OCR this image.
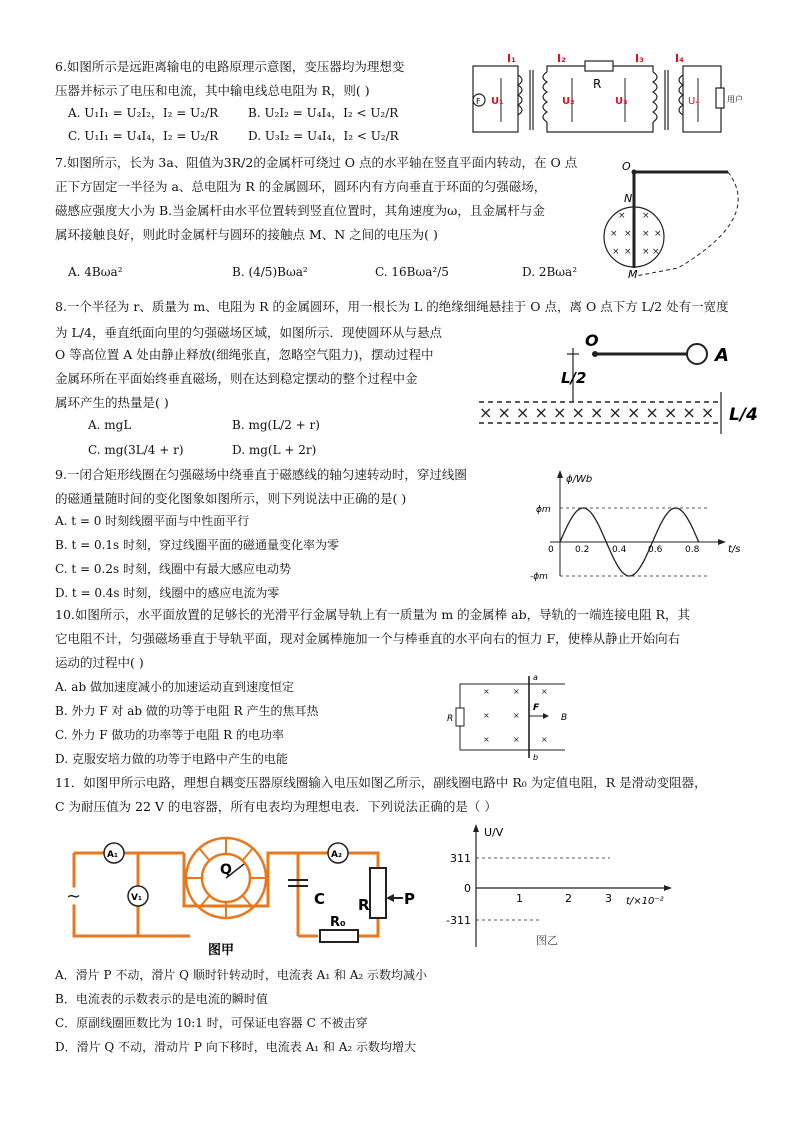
6.如图所示是远距离输电的电路原理示意图，变压器均为理想变
压器并标示了电压和电流，其中输电线总电阻为 R，则( )
A. U₁I₁ = U₂I₂，I₂ = U₂/R B. U₂I₂ = U₄I₄，I₂ < U₂/R
C. U₁I₁ = U₄I₄，I₂ = U₂/R D. U₃I₂ = U₄I₄，I₂ < U₂/R
I₁	I₂	I₃	I₄
U₁	U₂	U₃	U₄
R
F	用户
7.如图所示，长为 3a、阻值为3R/2的金属杆可绕过 O 点的水平轴在竖直平面内转动，在 O 点
正下方固定一半径为 a、总电阻为 R 的金属圆环，圆环内有方向垂直于环面的匀强磁场，
磁感应强度大小为 B.当金属杆由水平位置转到竖直位置时，其角速度为ω，且金属杆与金
属环接触良好，则此时金属杆与圆环的接触点 M、N 之间的电压为( )
A. 4Bωa²	B. (4/5)Bωa²	C. 16Bωa²/5	D. 2Bωa²
× ×
× × × ×
× × × ×
O
N
M
8.一个半径为 r、质量为 m、电阻为 R 的金属圆环，用一根长为 L 的绝缘细绳悬挂于 O 点，离 O 点下方 L/2 处有一宽度
为 L/4，垂直纸面向里的匀强磁场区域，如图所示．现使圆环从与悬点
O 等高位置 A 处由静止释放(细绳张直，忽略空气阻力)，摆动过程中
金属环所在平面始终垂直磁场，则在达到稳定摆动的整个过程中金
属环产生的热量是( )
A. mgL	B. mg(L/2 + r)
C. mg(3L/4 + r)	D. mg(L + 2r)
O
A
L/2
× × × × × × × × × × × × × L/4
9.一闭合矩形线圈在匀强磁场中绕垂直于磁感线的轴匀速转动时，穿过线圈
的磁通量随时间的变化图象如图所示，则下列说法中正确的是( )
A. t = 0 时刻线圈平面与中性面平行
B. t = 0.1s 时刻，穿过线圈平面的磁通量变化率为零
C. t = 0.2s 时刻，线圈中有最大感应电动势
D. t = 0.4s 时刻，线圈中的感应电流为零
ϕ/Wb
t/s
ϕm
-ϕm
0 0.2	0.4 0.6	0.8
10.如图所示，水平面放置的足够长的光滑平行金属导轨上有一质量为 m 的金属棒 ab，导轨的一端连接电阻 R，其
它电阻不计，匀强磁场垂直于导轨平面，现对金属棒施加一个与棒垂直的水平向右的恒力 F，使棒从静止开始向右
运动的过程中( )
A. ab 做加速度减小的加速运动直到速度恒定
B. 外力 F 对 ab 做的功等于电阻 R 产生的焦耳热
C. 外力 F 做功的功率等于电阻 R 的电功率
D. 克服安培力做的功等于电路中产生的电能
×	×	×
×	×
×	×	×
R
F
B
a
b
11．如图甲所示电路，理想自耦变压器原线圈输入电压如图乙所示，副线圈电路中 R₀ 为定值电阻，R 是滑动变阻器，
C 为耐压值为 22 V 的电容器，所有电表均为理想电表．下列说法正确的是（ ）
∼
A₁
V₁
A₂
Q
C R P
R₀
图甲
U/V
t/×10⁻²
311
0
-311
1	2	3
图乙
A．滑片 P 不动，滑片 Q 顺时针转动时，电流表 A₁ 和 A₂ 示数均减小
B．电流表的示数表示的是电流的瞬时值
C．原副线圈匝数比为 10:1 时，可保证电容器 C 不被击穿
D．滑片 Q 不动，滑动片 P 向下移时，电流表 A₁ 和 A₂ 示数均增大
